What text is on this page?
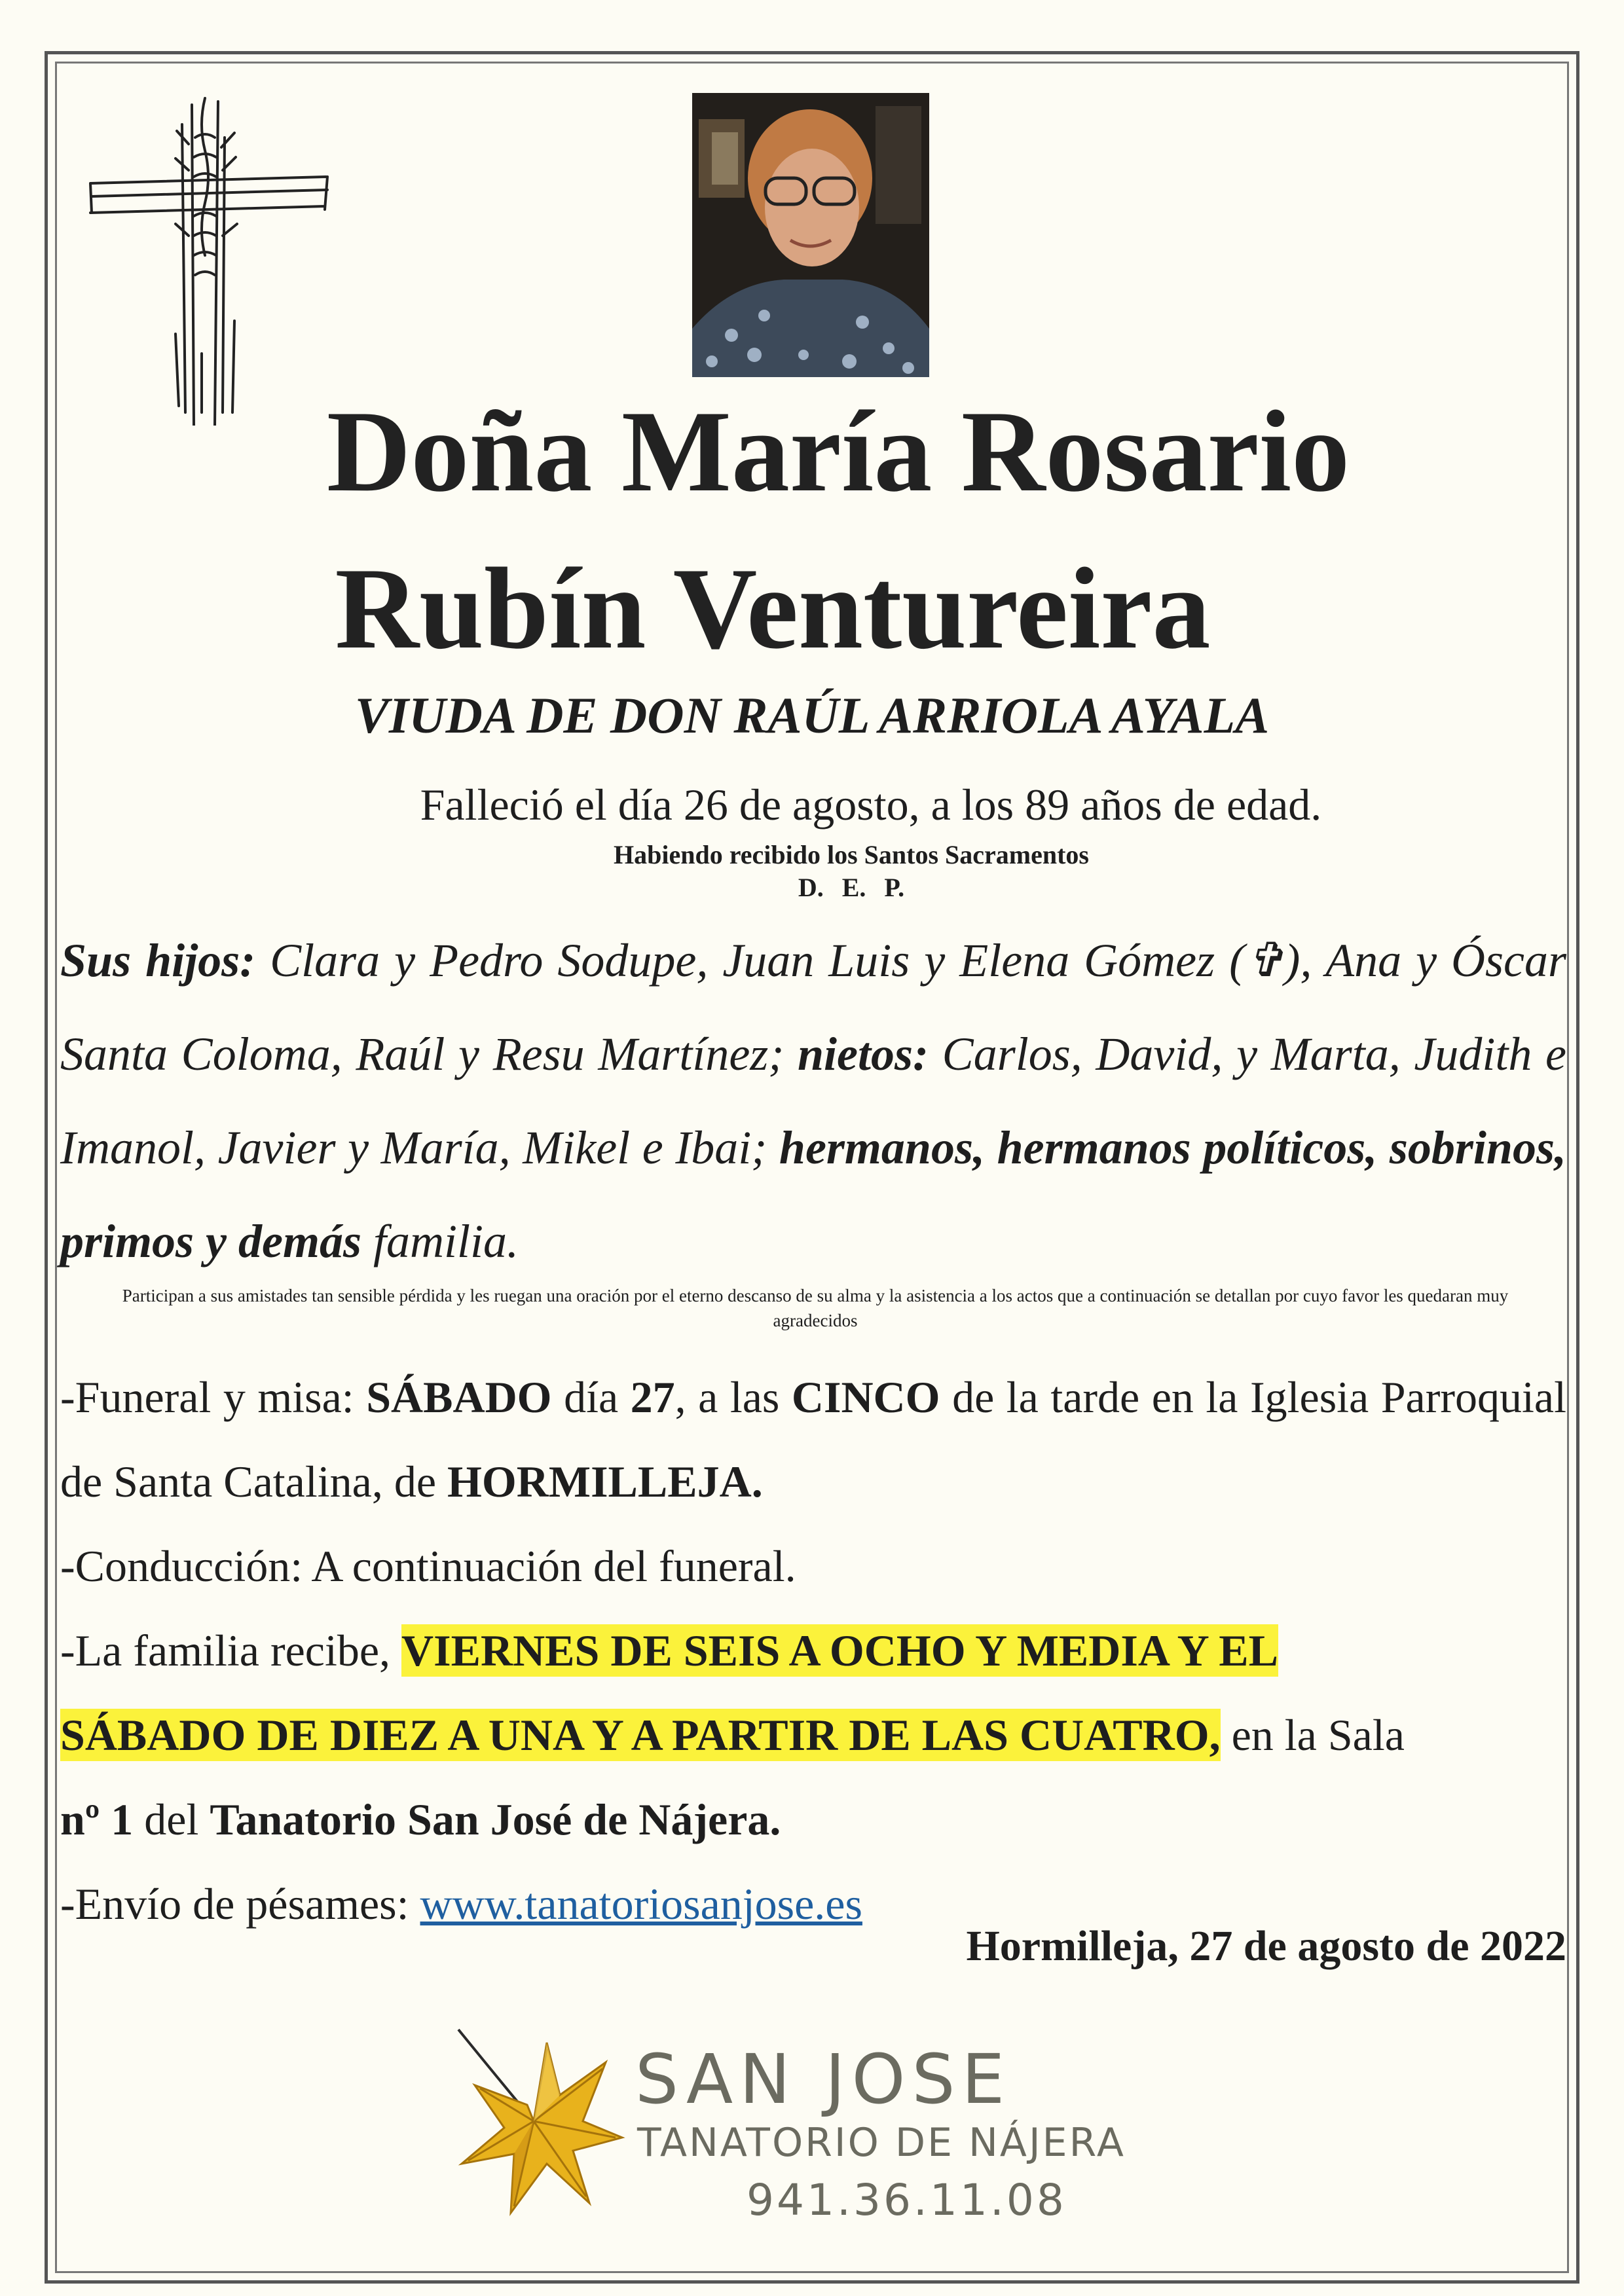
Doña María Rosario
Rubín Ventureira
VIUDA DE DON RAÚL ARRIOLA AYALA
Falleció el día 26 de agosto, a los 89 años de edad.
Habiendo recibido los Santos Sacramentos
D. E. P.
Sus hijos: Clara y Pedro Sodupe, Juan Luis y Elena Gómez (✞), Ana y Óscar Santa Coloma, Raúl y Resu Martínez; nietos: Carlos, David, y Marta, Judith e Imanol, Javier y María, Mikel e Ibai; hermanos, hermanos políticos, sobrinos, primos y demás familia.
Participan a sus amistades tan sensible pérdida y les ruegan una oración por el eterno descanso de su alma y la asistencia a los actos que a continuación se detallan por cuyo favor les quedaran muy agradecidos

-Funeral y misa: SÁBADO día 27, a las CINCO de la tarde en la Iglesia Parroquial de Santa Catalina, de HORMILLEJA.

-Conducción: A continuación del funeral.

-La familia recibe, VIERNES DE SEIS A OCHO Y MEDIA Y EL
SÁBADO DE DIEZ A UNA Y A PARTIR DE LAS CUATRO, en la Sala
nº 1 del Tanatorio San José de Nájera.

-Envío de pésames: www.tanatoriosanjose.es

Hormilleja, 27 de agosto de 2022
SAN JOSE
TANATORIO DE NÁJERA
941.36.11.08
